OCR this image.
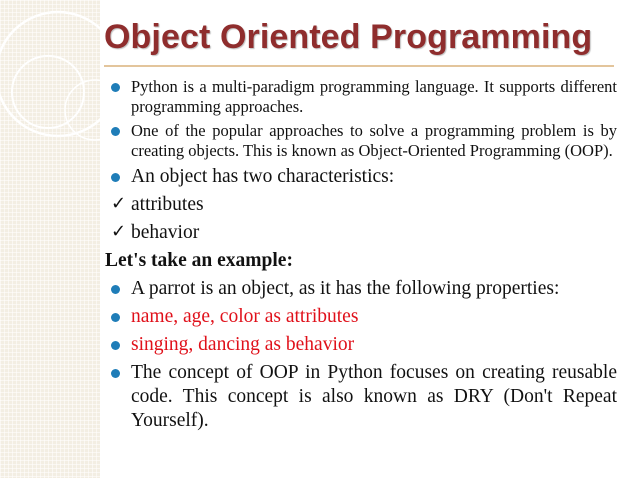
Object Oriented Programming
Python is a multi-paradigm programming language. It supports different programming approaches.
One of the popular approaches to solve a programming problem is by creating objects. This is known as Object-Oriented Programming (OOP).
An object has two characteristics:
✓ attributes
✓ behavior
Let's take an example:
A parrot is an object, as it has the following properties:
name, age, color as attributes
singing, dancing as behavior
The concept of OOP in Python focuses on creating reusable code. This concept is also known as DRY (Don't Repeat Yourself).
